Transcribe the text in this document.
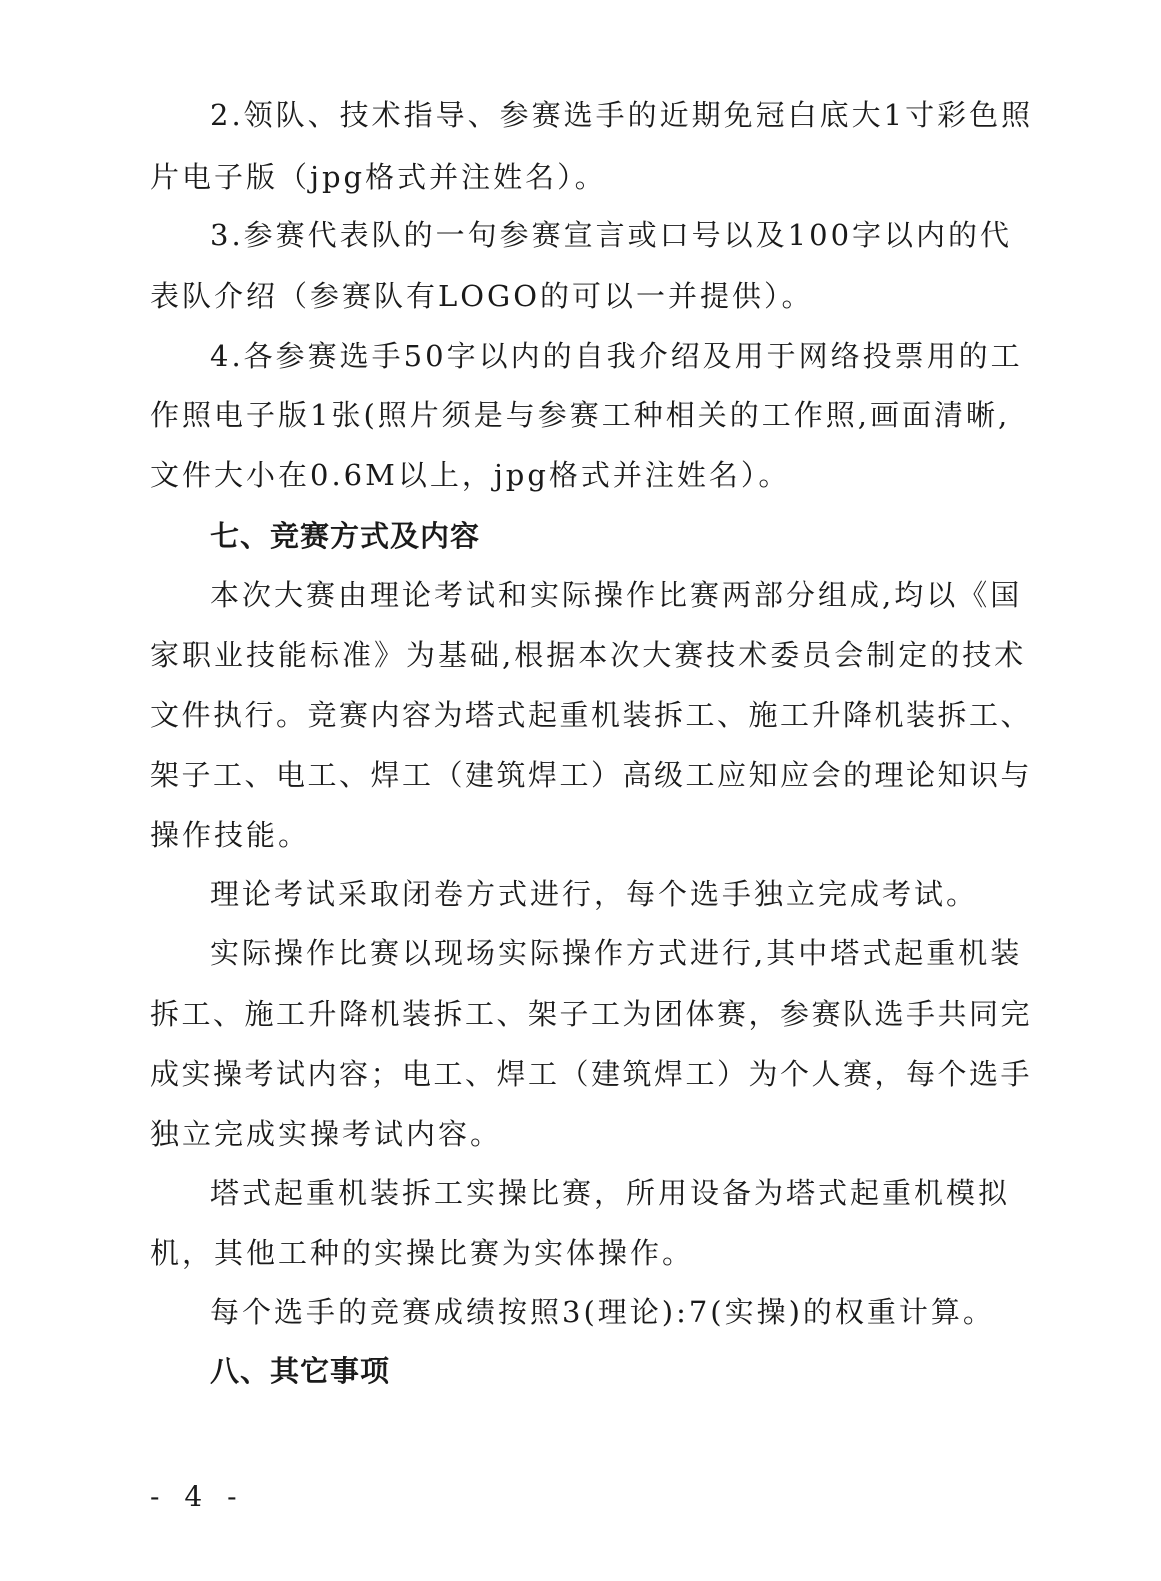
2.领队、技术指导、参赛选手的近期免冠白底大1寸彩色照
片电子版（jpg格式并注姓名）。
3.参赛代表队的一句参赛宣言或口号以及100字以内的代
表队介绍（参赛队有LOGO的可以一并提供）。
4.各参赛选手50字以内的自我介绍及用于网络投票用的工
作照电子版1张(照片须是与参赛工种相关的工作照,画面清晰,
文件大小在0.6M以上，jpg格式并注姓名）。
七、竞赛方式及内容
本次大赛由理论考试和实际操作比赛两部分组成,均以《国
家职业技能标准》为基础,根据本次大赛技术委员会制定的技术
文件执行。竞赛内容为塔式起重机装拆工、施工升降机装拆工、
架子工、电工、焊工（建筑焊工）高级工应知应会的理论知识与
操作技能。
理论考试采取闭卷方式进行，每个选手独立完成考试。
实际操作比赛以现场实际操作方式进行,其中塔式起重机装
拆工、施工升降机装拆工、架子工为团体赛，参赛队选手共同完
成实操考试内容；电工、焊工（建筑焊工）为个人赛，每个选手
独立完成实操考试内容。
塔式起重机装拆工实操比赛，所用设备为塔式起重机模拟
机，其他工种的实操比赛为实体操作。
每个选手的竞赛成绩按照3(理论):7(实操)的权重计算。
八、其它事项
- 4 -
